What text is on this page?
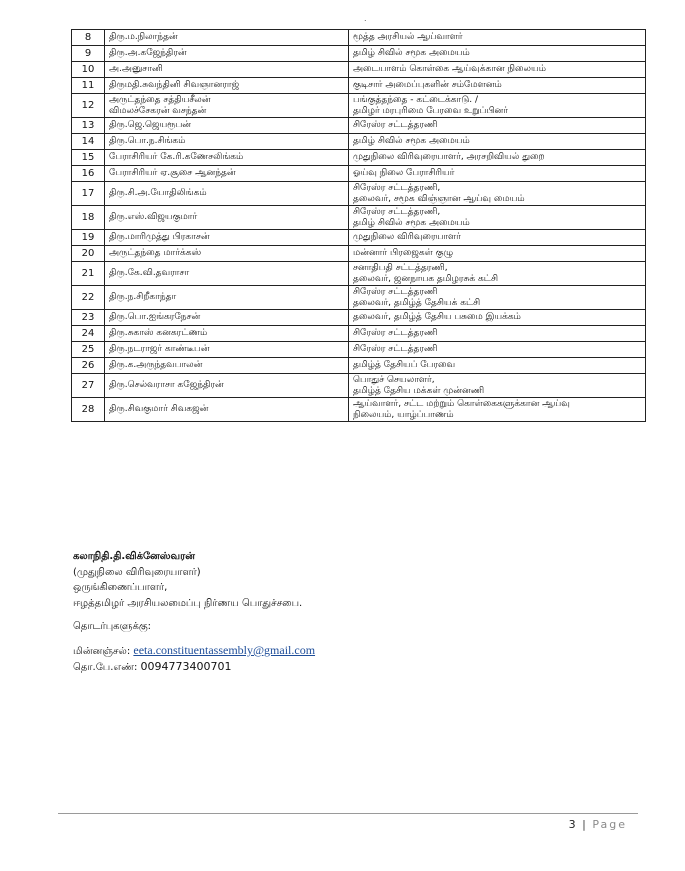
.
8	திரு.ம.நிலாந்தன்	மூத்த அரசியல் ஆய்வாளர்

9	திரு.அ.கஜேந்திரன்	தமிழ் சிவில் சமூக அமையம்

10	அ.அனுசானி	அடையாளம் கொள்கை ஆய்வுக்கான நிலையம்

11	திருமதி.சுவந்தினி சிவஞானராஜ்	குடிசார் அமைப்புகளின் சம்மேளனம்

12	அருட்தந்தை சத்தியசீலன்
விமலச்சேகரன் வசந்தன்	பங்குத்தந்தை - கட்டைக்காடு. /
தமிழர் மரபுரிமை பேரவை உறுப்பினர்

13	திரு.ஜெ.ஜெயரூபன்	சிரேஸ்ர சட்டத்தரணி

14	திரு.பொ.ந.சிங்கம்	தமிழ் சிவில் சமூக அமையம்

15	பேராசிரியர் கே.ரி.கணேசலிங்கம்	முதுநிலை விரிவுரையாளர், அரசறிவியல் துறை

16	பேராசிரியர் ஏ.சூசை ஆனந்தன்	ஓய்வு நிலை பேராசிரியர்

17	திரு.சி.அ.யோதிலிங்கம்	சிரேஸ்ர சட்டத்தரணி,
தலைவர், சமூக விஞ்ஞான ஆய்வு மையம்

18	திரு.எஸ்.விஜயகுமார்	சிரேஸ்ர சட்டத்தரணி,
தமிழ் சிவில் சமூக அமையம்

19	திரு.மாரிமுத்து பிரகாசன்	முதுநிலை விரிவுரையாளர்

20	அருட்தந்தை மார்க்கஸ்	மன்னார் பிரஜைகள் குழு

21	திரு.கே.வி.தவராசா	சனாதிபதி சட்டத்தரணி,
தலைவர், ஜனநாயக தமிழரசுக் கட்சி

22	திரு.ந.சிறீகாந்தா	சிரேஸ்ர சட்டத்தரணி
தலைவர், தமிழ்த் தேசியக் கட்சி

23	திரு.பொ.ஐங்கரநேசன்	தலைவர், தமிழ்த் தேசிய பசுமை இயக்கம்

24	திரு.சுகாஸ் கனகரட்ணம்	சிரேஸ்ர சட்டத்தரணி

25	திரு.நடராஜர் காண்டீபன்	சிரேஸ்ர சட்டத்தரணி

26	திரு.க.அருந்தவபாலன்	தமிழ்த் தேசியப் பேரவை

27	திரு.செல்வராசா கஜேந்திரன்	பொதுச் செயலாளர்,
தமிழ்த் தேசிய மக்கள் முன்னணி

28	திரு.சிவகுமார் சிவகஜன்	ஆய்வாளர், சட்ட மற்றும் கொள்கைகளுக்கான ஆய்வு
நிலையம், யாழ்ப்பாணம்
கலாநிதி.தி.விக்னேஸ்வரன்
(முதுநிலை விரிவுரையாளர்)
ஒருங்கிணைப்பாளர்,
ஈழத்தமிழர் அரசியலமைப்பு நிர்ணய பொதுச்சபை.
தொடர்புகளுக்கு:
மின்னஞ்சல்: eeta.constituentassembly@gmail.com
தொ.பே.எண்: 0094773400701
3 | Page
